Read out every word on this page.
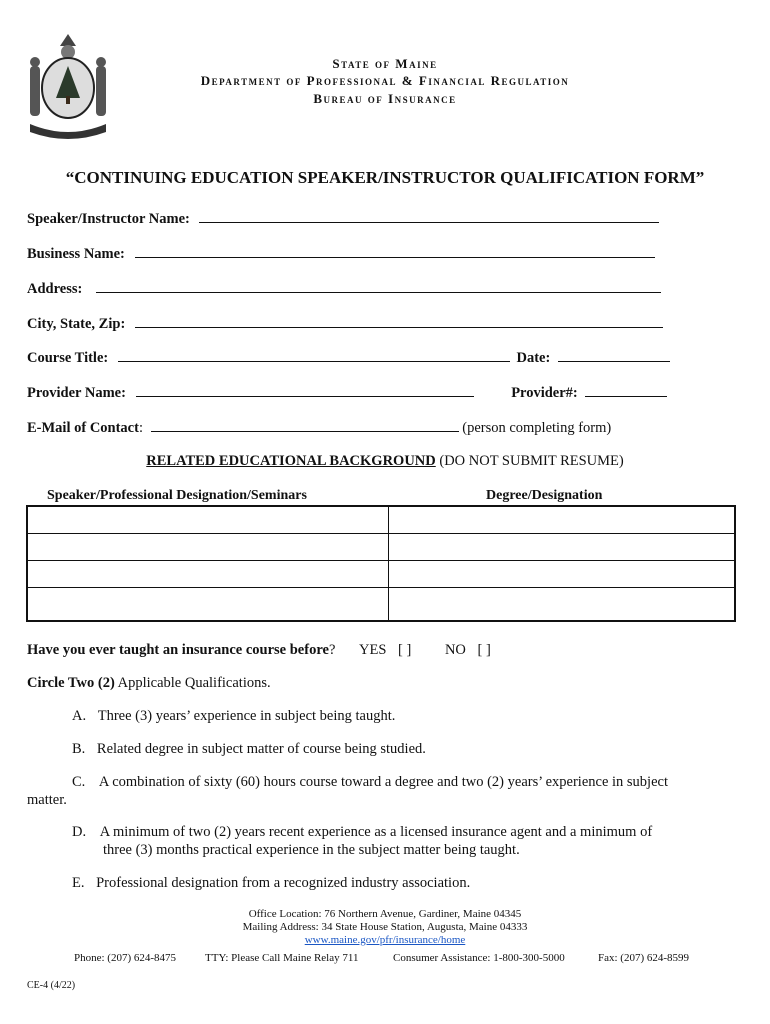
State of Maine
Department of Professional & Financial Regulation
Bureau of Insurance
“CONTINUING EDUCATION SPEAKER/INSTRUCTOR QUALIFICATION FORM”
Speaker/Instructor Name:
Business Name:
Address:
City, State, Zip:
Course Title:	Date:
Provider Name:	Provider#:
E-Mail of Contact:	(person completing form)
RELATED EDUCATIONAL BACKGROUND (DO NOT SUBMIT RESUME)
Speaker/Professional Designation/Seminars	Degree/Designation

Have you ever taught an insurance course before? YES [ ] NO [ ]
Circle Two (2) Applicable Qualifications.
A. Three (3) years’ experience in subject being taught.
B. Related degree in subject matter of course being studied.
C. A combination of sixty (60) hours course toward a degree and two (2) years’ experience in subject
matter.
D. A minimum of two (2) years recent experience as a licensed insurance agent and a minimum of
three (3) months practical experience in the subject matter being taught.
E. Professional designation from a recognized industry association.
Office Location: 76 Northern Avenue, Gardiner, Maine 04345
Mailing Address: 34 State House Station, Augusta, Maine 04333
www.maine.gov/pfr/insurance/home
Phone: (207) 624-8475	TTY: Please Call Maine Relay 711	Consumer Assistance: 1-800-300-5000	Fax: (207) 624-8599
CE-4 (4/22)
